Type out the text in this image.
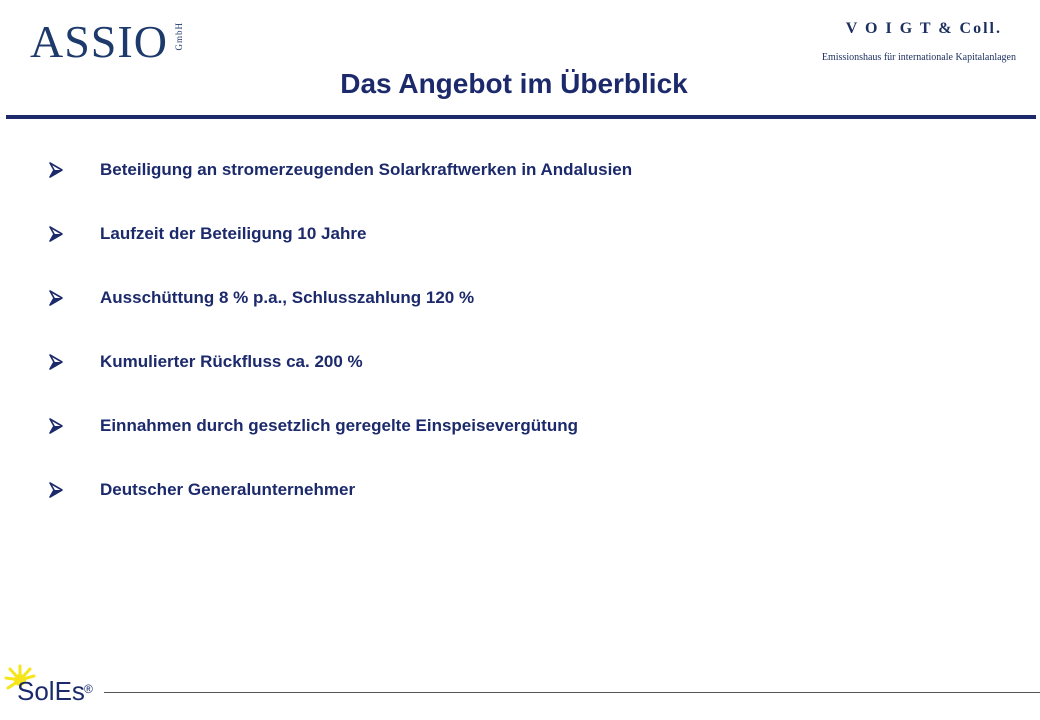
ASSIO GmbH	V O I G T & Coll.
Emissionshaus für internationale Kapitalanlagen
Das Angebot im Überblick
Beteiligung an stromerzeugenden Solarkraftwerken in Andalusien
Laufzeit der Beteiligung 10 Jahre
Ausschüttung 8 % p.a., Schlusszahlung 120 %
Kumulierter Rückfluss ca. 200 %
Einnahmen durch gesetzlich geregelte Einspeisevergütung
Deutscher Generalunternehmer
SolEs ®
